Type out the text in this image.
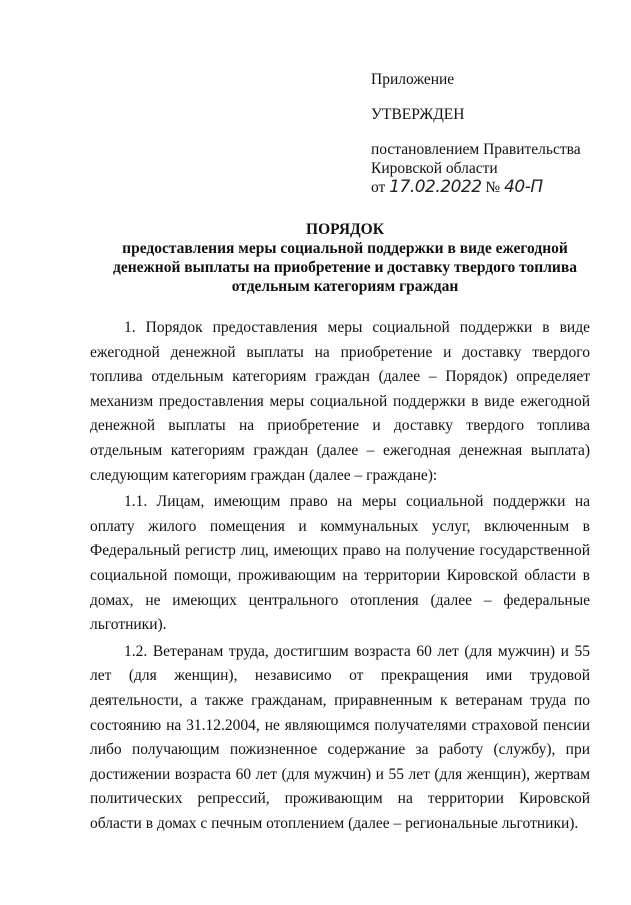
Приложение
УТВЕРЖДЕН
постановлением Правительства
Кировской области
от 17.02.2022 № 40-П
ПОРЯДОК
предоставления меры социальной поддержки в виде ежегодной
денежной выплаты на приобретение и доставку твердого топлива
отдельным категориям граждан

1. Порядок предоставления меры социальной поддержки в виде ежегодной денежной выплаты на приобретение и доставку твердого топлива отдельным категориям граждан (далее – Порядок) определяет механизм предоставления меры социальной поддержки в виде ежегодной денежной выплаты на приобретение и доставку твердого топлива отдельным категориям граждан (далее – ежегодная денежная выплата) следующим категориям граждан (далее – граждане):

1.1. Лицам, имеющим право на меры социальной поддержки на оплату жилого помещения и коммунальных услуг, включенным в Федеральный регистр лиц, имеющих право на получение государственной социальной помощи, проживающим на территории Кировской области в домах, не имеющих центрального отопления (далее – федеральные льготники).

1.2. Ветеранам труда, достигшим возраста 60 лет (для мужчин) и 55 лет (для женщин), независимо от прекращения ими трудовой деятельности, а также гражданам, приравненным к ветеранам труда по состоянию на 31.12.2004, не являющимся получателями страховой пенсии либо получающим пожизненное содержание за работу (службу), при достижении возраста 60 лет (для мужчин) и 55 лет (для женщин), жертвам политических репрессий, проживающим на территории Кировской области в домах с печным отоплением (далее – региональные льготники).
